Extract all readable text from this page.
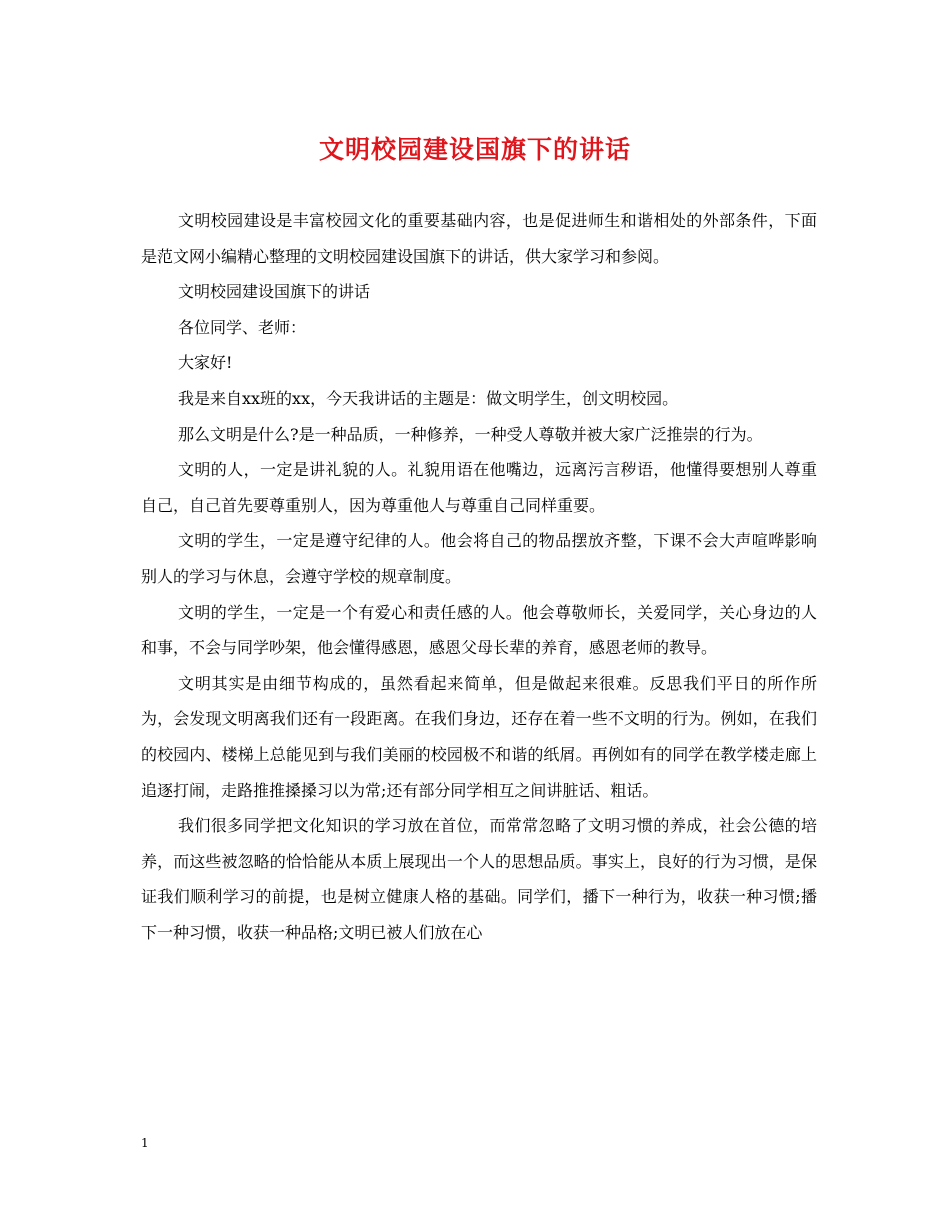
文明校园建设国旗下的讲话

文明校园建设是丰富校园文化的重要基础内容，也是促进师生和谐相处的外部条件，下面是范文网小编精心整理的文明校园建设国旗下的讲话，供大家学习和参阅。

文明校园建设国旗下的讲话

各位同学、老师：

大家好!

我是来自xx班的xx，今天我讲话的主题是：做文明学生，创文明校园。

那么文明是什么?是一种品质，一种修养，一种受人尊敬并被大家广泛推崇的行为。

文明的人，一定是讲礼貌的人。礼貌用语在他嘴边，远离污言秽语，他懂得要想别人尊重自己，自己首先要尊重别人，因为尊重他人与尊重自己同样重要。

文明的学生，一定是遵守纪律的人。他会将自己的物品摆放齐整，下课不会大声喧哗影响别人的学习与休息，会遵守学校的规章制度。

文明的学生，一定是一个有爱心和责任感的人。他会尊敬师长，关爱同学，关心身边的人和事，不会与同学吵架，他会懂得感恩，感恩父母长辈的养育，感恩老师的教导。

文明其实是由细节构成的，虽然看起来简单，但是做起来很难。反思我们平日的所作所为，会发现文明离我们还有一段距离。在我们身边，还存在着一些不文明的行为。例如，在我们的校园内、楼梯上总能见到与我们美丽的校园极不和谐的纸屑。再例如有的同学在教学楼走廊上追逐打闹，走路推推搡搡习以为常;还有部分同学相互之间讲脏话、粗话。

我们很多同学把文化知识的学习放在首位，而常常忽略了文明习惯的养成，社会公德的培养，而这些被忽略的恰恰能从本质上展现出一个人的思想品质。事实上，良好的行为习惯，是保证我们顺利学习的前提，也是树立健康人格的基础。同学们，播下一种行为，收获一种习惯;播下一种习惯，收获一种品格;文明已被人们放在心

1
